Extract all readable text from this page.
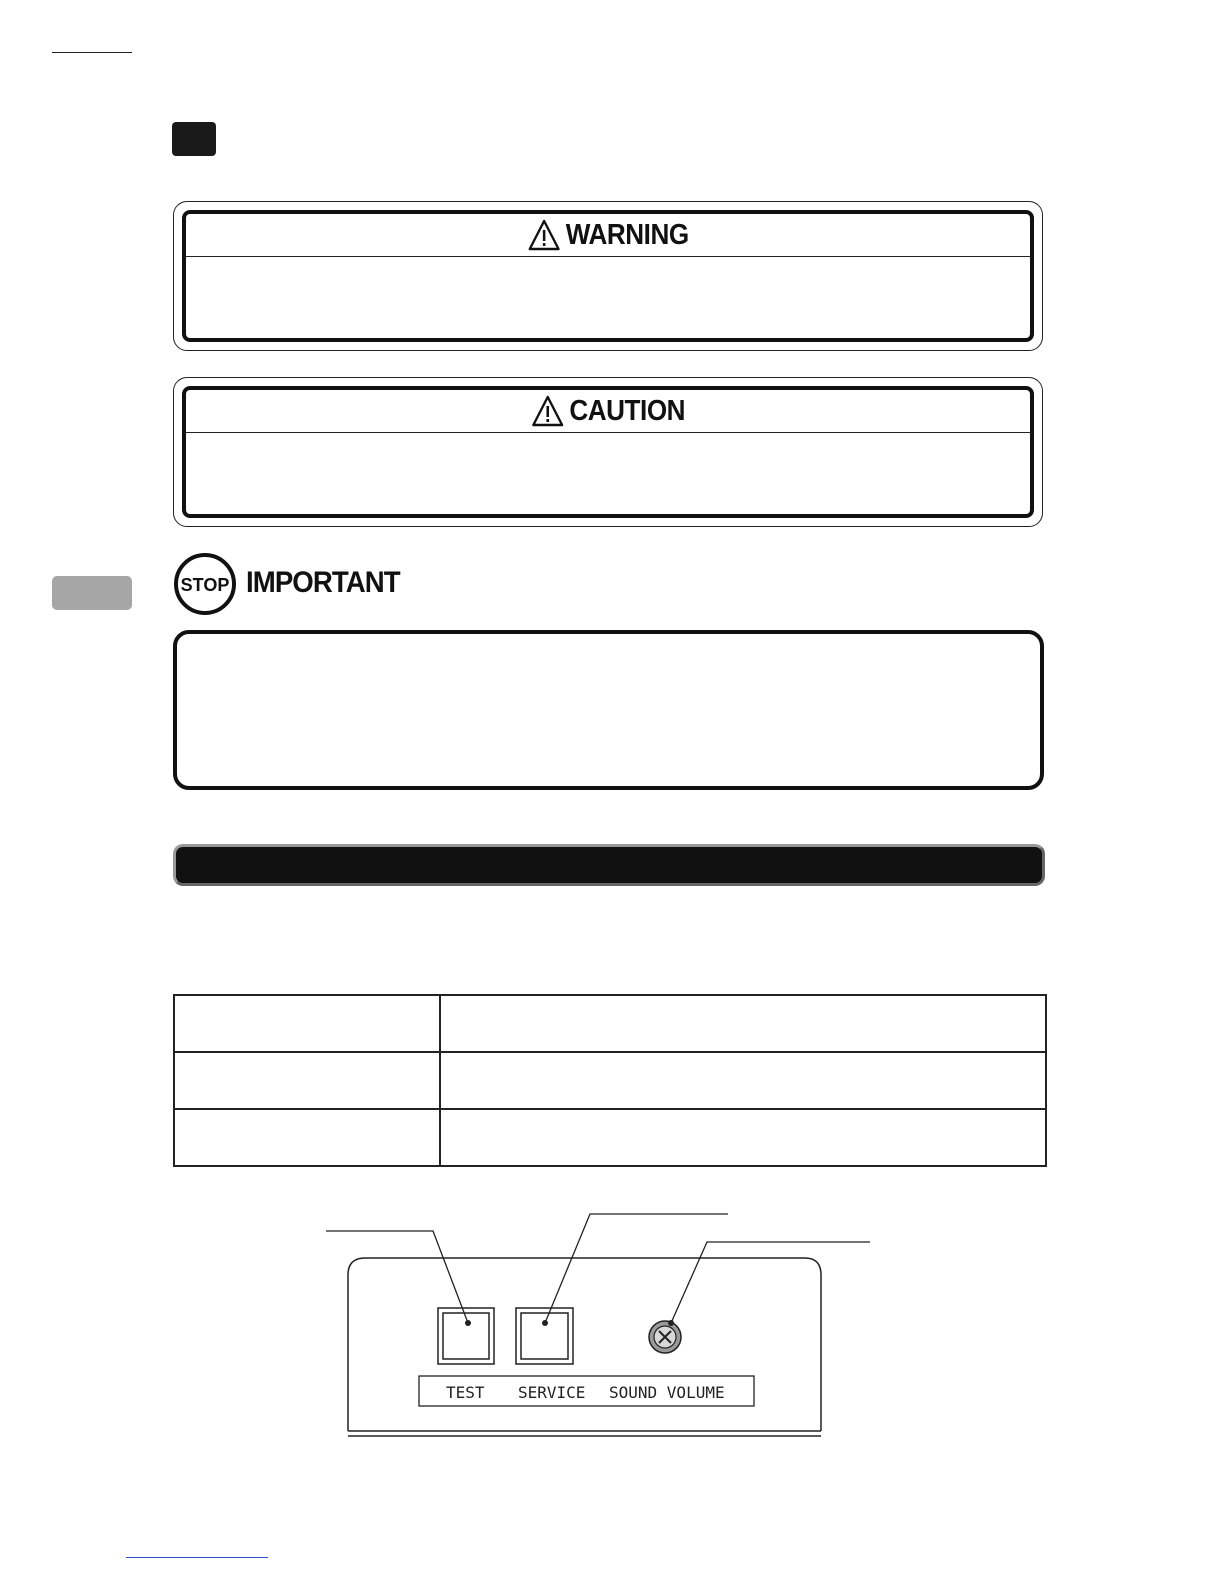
WARNING
CAUTION
STOP IMPORTANT

TEST SERVICE SOUND VOLUME
